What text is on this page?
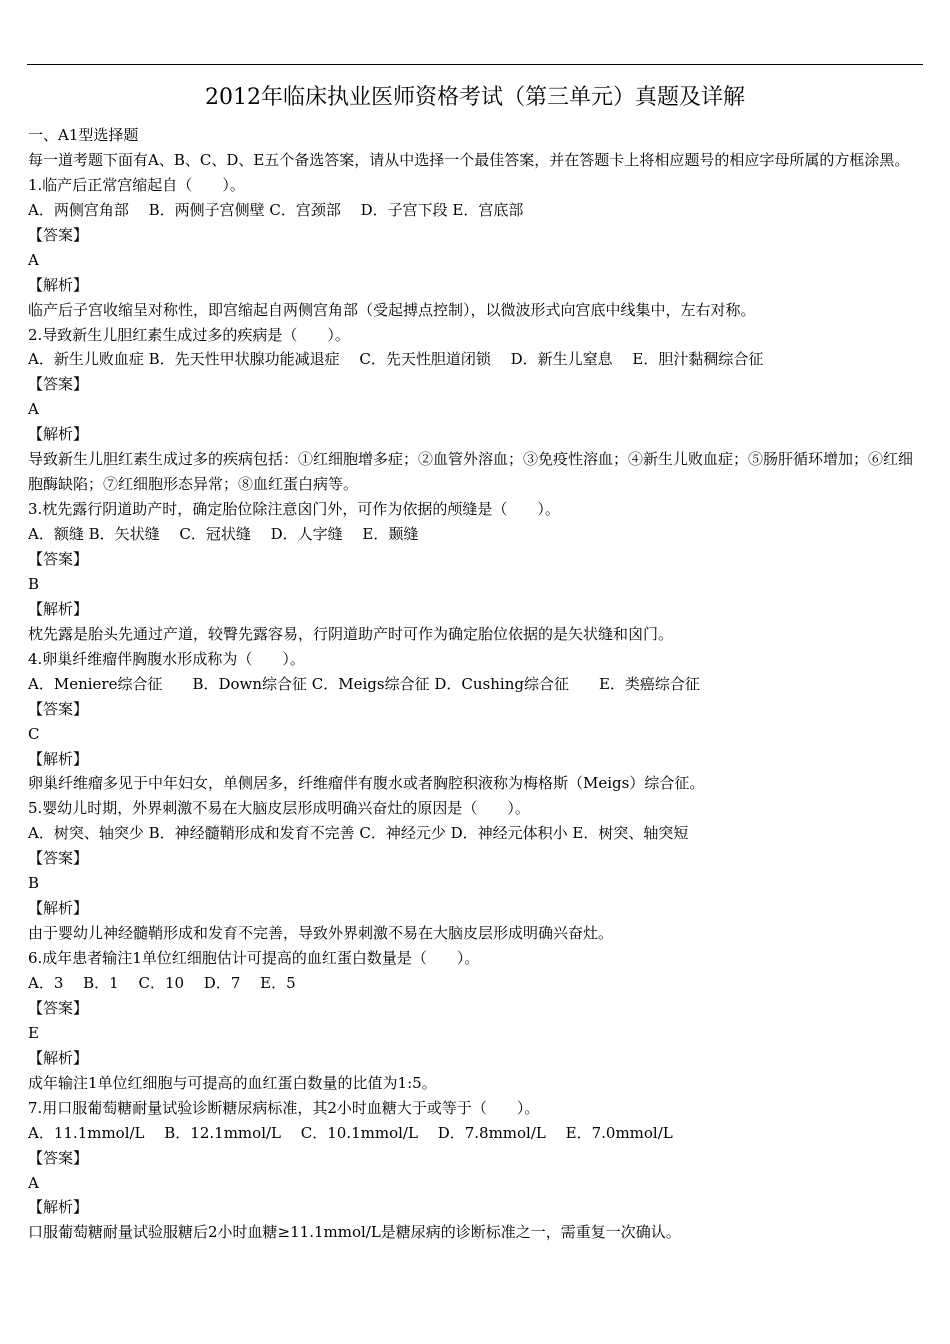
2012年临床执业医师资格考试（第三单元）真题及详解
一、A1型选择题
每一道考题下面有A、B、C、D、E五个备选答案，请从中选择一个最佳答案，并在答题卡上将相应题号的相应字母所属的方框涂黑。
1.临产后正常宫缩起自（　　）。
A．两侧宫角部　 B．两侧子宫侧壁 C．宫颈部　 D．子宫下段 E．宫底部
【答案】
A
【解析】
临产后子宫收缩呈对称性，即宫缩起自两侧宫角部（受起搏点控制），以微波形式向宫底中线集中，左右对称。
2.导致新生儿胆红素生成过多的疾病是（　　）。
A．新生儿败血症 B．先天性甲状腺功能减退症　 C．先天性胆道闭锁　 D．新生儿窒息　 E．胆汁黏稠综合征
【答案】
A
【解析】
导致新生儿胆红素生成过多的疾病包括：①红细胞增多症；②血管外溶血；③免疫性溶血；④新生儿败血症；⑤肠肝循环增加；⑥红细胞酶缺陷；⑦红细胞形态异常；⑧血红蛋白病等。
3.枕先露行阴道助产时，确定胎位除注意囟门外，可作为依据的颅缝是（　　）。
A．额缝 B．矢状缝　 C．冠状缝　 D．人字缝　 E．颞缝
【答案】
B
【解析】
枕先露是胎头先通过产道，较臀先露容易，行阴道助产时可作为确定胎位依据的是矢状缝和囟门。
4.卵巢纤维瘤伴胸腹水形成称为（　　）。
A．Meniere综合征　　B．Down综合征 C．Meigs综合征 D．Cushing综合征　　E．类癌综合征
【答案】
C
【解析】
卵巢纤维瘤多见于中年妇女，单侧居多，纤维瘤伴有腹水或者胸腔积液称为梅格斯（Meigs）综合征。
5.婴幼儿时期，外界刺激不易在大脑皮层形成明确兴奋灶的原因是（　　）。
A．树突、轴突少 B．神经髓鞘形成和发育不完善 C．神经元少 D．神经元体积小 E．树突、轴突短
【答案】
B
【解析】
由于婴幼儿神经髓鞘形成和发育不完善，导致外界刺激不易在大脑皮层形成明确兴奋灶。
6.成年患者输注1单位红细胞估计可提高的血红蛋白数量是（　　）。
A．3　 B．1　 C．10　 D．7　 E．5
【答案】
E
【解析】
成年输注1单位红细胞与可提高的血红蛋白数量的比值为1:5。
7.用口服葡萄糖耐量试验诊断糖尿病标准，其2小时血糖大于或等于（　　）。
A．11.1mmol/L　 B．12.1mmol/L　 C．10.1mmol/L　 D．7.8mmol/L　 E．7.0mmol/L
【答案】
A
【解析】
口服葡萄糖耐量试验服糖后2小时血糖≥11.1mmol/L是糖尿病的诊断标准之一，需重复一次确认。
